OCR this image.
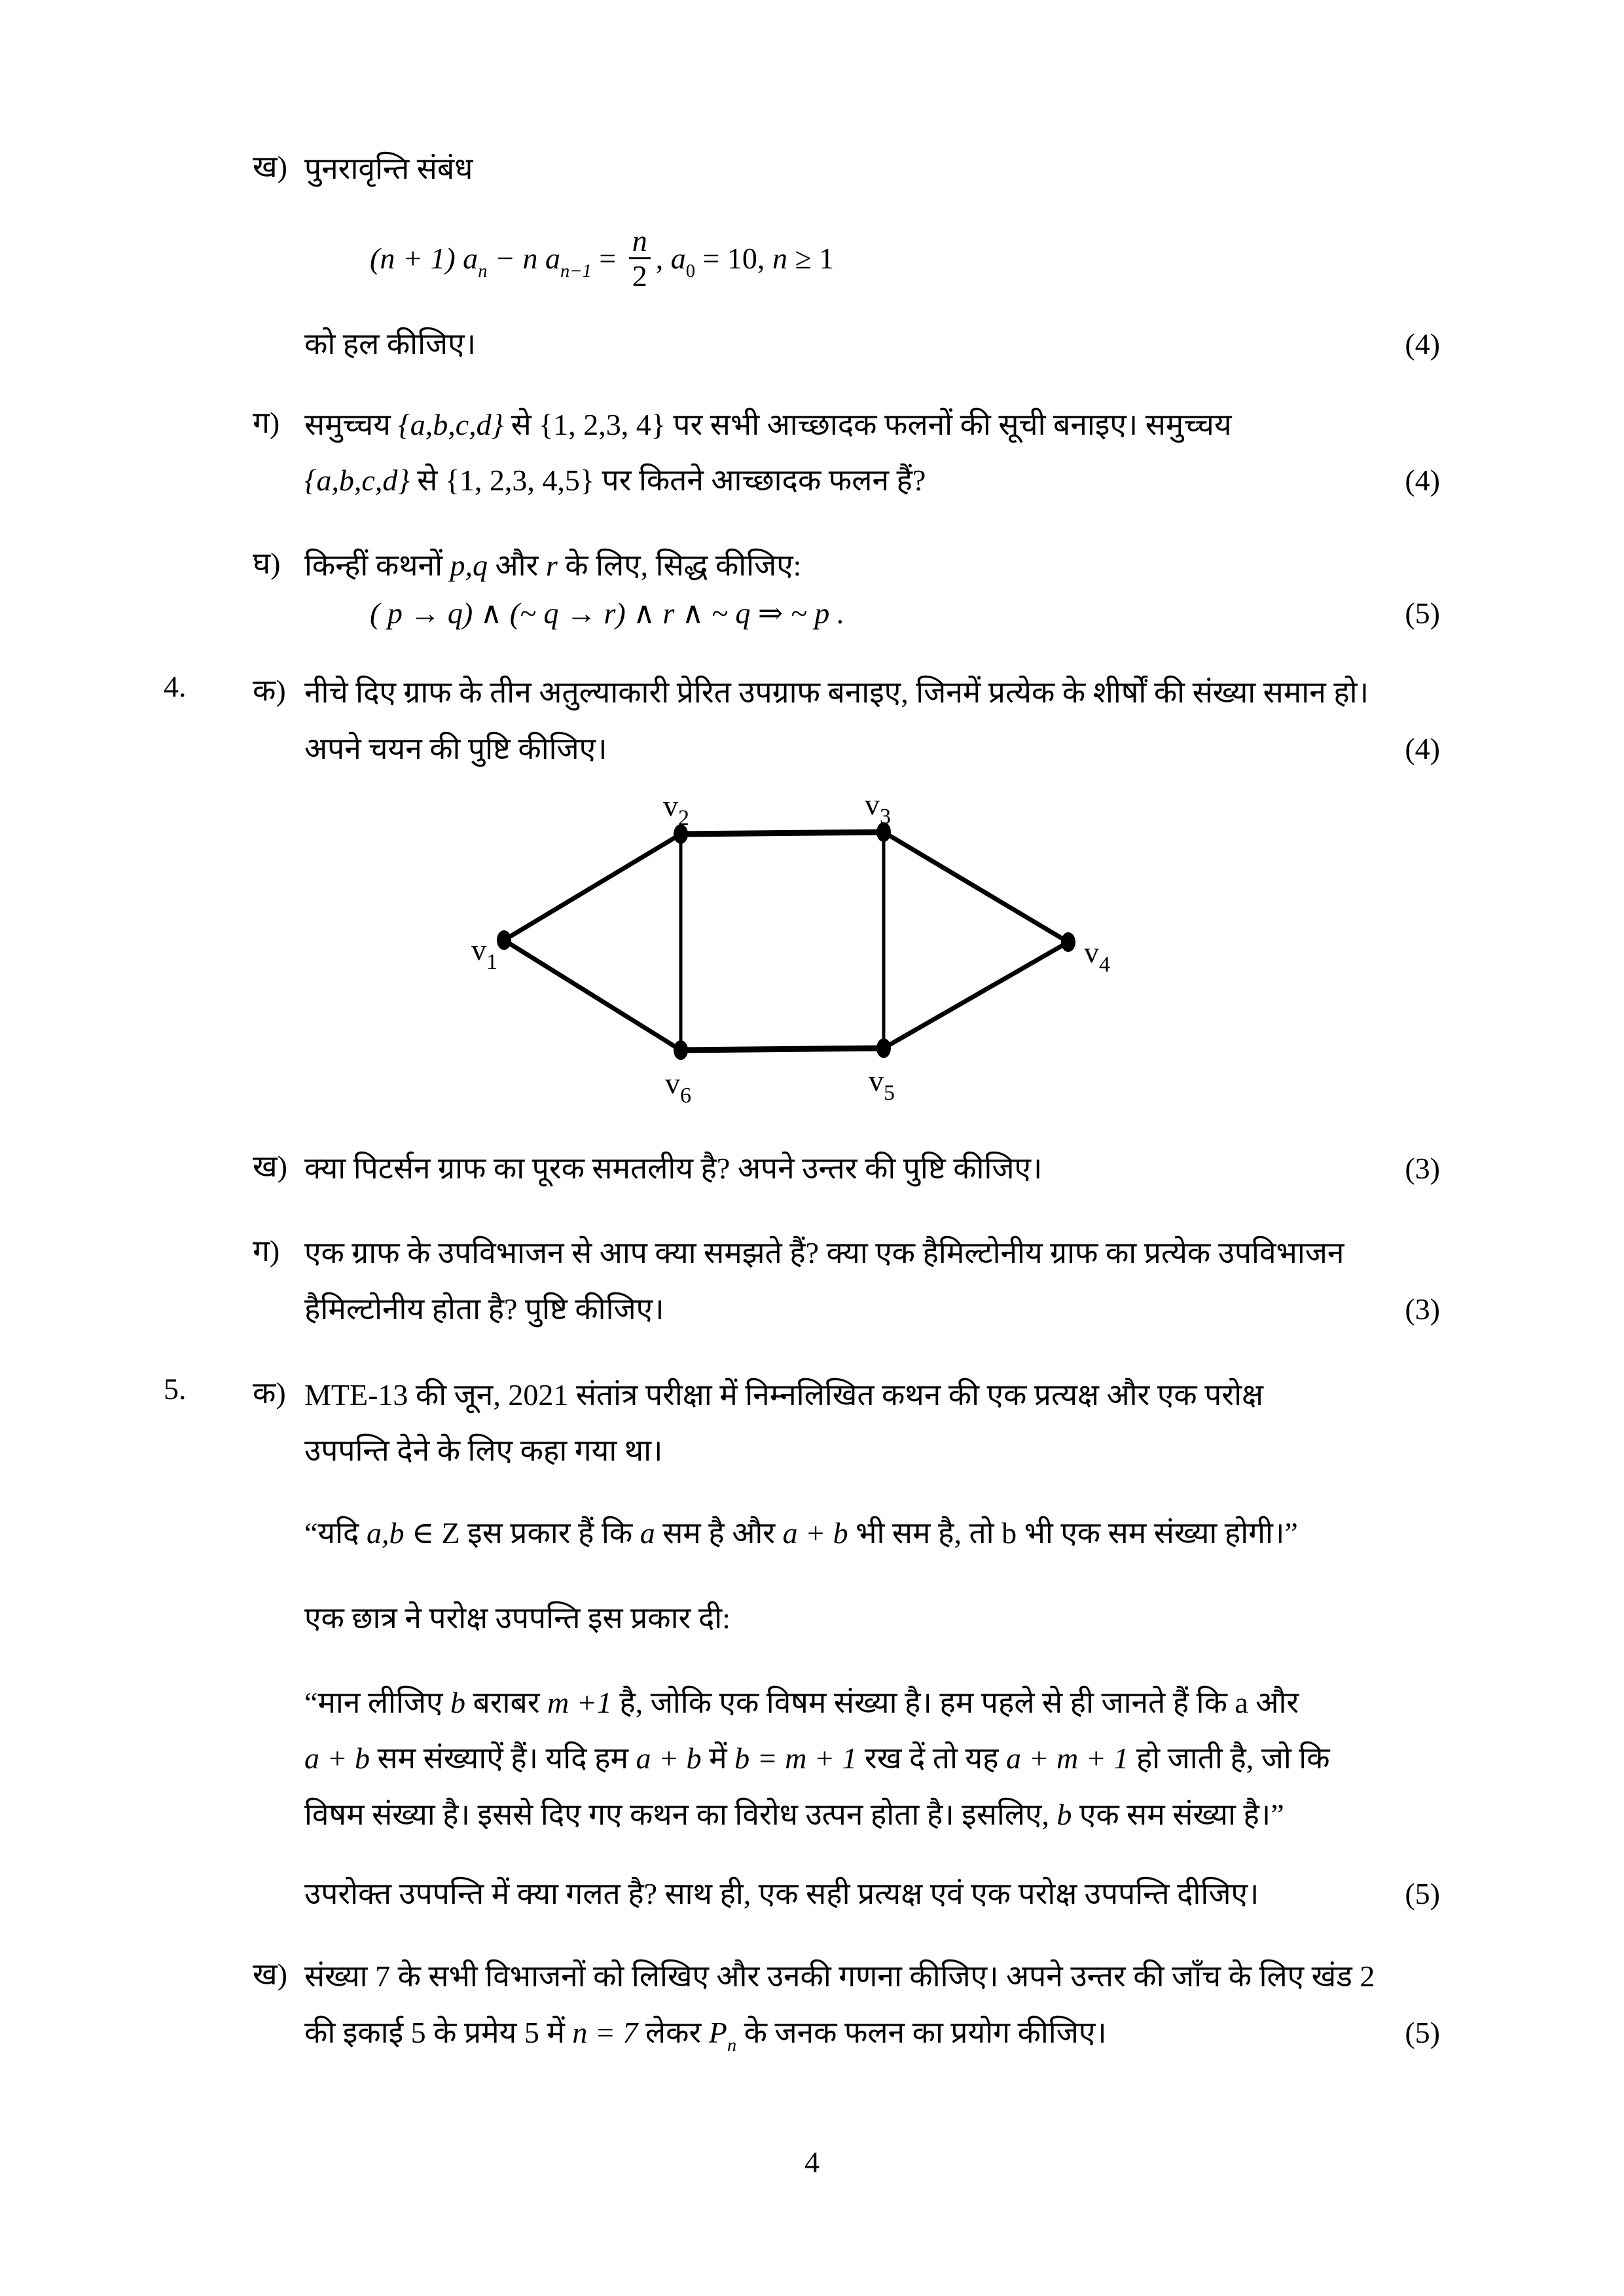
ख) पुनरावृन्ति संबंध
(n + 1) $a_n - n$ $a_{n-1} = \frac{n}{2}$ , $a_0 = 10$, n ≥ 1
को हल कीजिए।	(4)
ग) समुच्चय {a,b,c,d} से {1, 2,3, 4} पर सभी आच्छादक फलनों की सूची बनाइए। समुच्चय
{a,b,c,d} से {1, 2,3, 4,5} पर कितने आच्छादक फलन हैं?	(4)
घ) किन्हीं कथनों p,q और r के लिए, सिद्ध कीजिए:
( p → q) ∧ (~ q → r) ∧ r ∧ ~ q ⇒ ~ p .	(5)
4.	क) नीचे दिए ग्राफ के तीन अतुल्याकारी प्रेरित उपग्राफ बनाइए, जिनमें प्रत्येक के शीर्षों की संख्या समान हो।
अपने चयन की पुष्टि कीजिए।	(4)
$v_1$
$v_2$	$v_3$
$v_4$
$v_5$
$v_6$
ख) क्या पिटर्सन ग्राफ का पूरक समतलीय है? अपने उन्तर की पुष्टि कीजिए।	(3)
ग) एक ग्राफ के उपविभाजन से आप क्या समझते हैं? क्या एक हैमिल्टोनीय ग्राफ का प्रत्येक उपविभाजन
हैमिल्टोनीय होता है? पुष्टि कीजिए।	(3)
5.	क) MTE-13 की जून, 2021 संतांत्र परीक्षा में निम्नलिखित कथन की एक प्रत्यक्ष और एक परोक्ष
उपपन्ति देने के लिए कहा गया था।
“यदि a,b ∈ Z इस प्रकार हैं कि a सम है और a + b भी सम है, तो b भी एक सम संख्या होगी।”
एक छात्र ने परोक्ष उपपन्ति इस प्रकार दी:
“मान लीजिए b बराबर m +1 है, जोकि एक विषम संख्या है। हम पहले से ही जानते हैं कि a और
a + b सम संख्याऐं हैं। यदि हम a + b में b = m + 1 रख दें तो यह a + m + 1 हो जाती है, जो कि
विषम संख्या है। इससे दिए गए कथन का विरोध उत्पन होता है। इसलिए, b एक सम संख्या है।”
उपरोक्त उपपन्ति में क्या गलत है? साथ ही, एक सही प्रत्यक्ष एवं एक परोक्ष उपपन्ति दीजिए।	(5)
ख) संख्या 7 के सभी विभाजनों को लिखिए और उनकी गणना कीजिए। अपने उन्तर की जाँच के लिए खंड 2
की इकाई 5 के प्रमेय 5 में n = 7 लेकर $P_n$ के जनक फलन का प्रयोग कीजिए।	(5)
4
